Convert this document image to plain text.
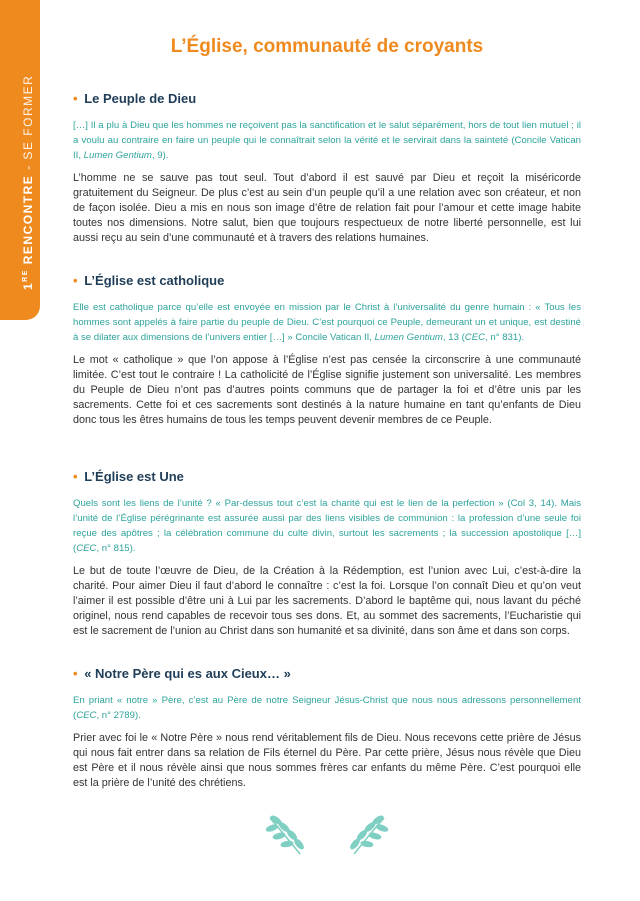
1RE RENCONTRE - SE FORMER
L’Église, communauté de croyants
• Le Peuple de Dieu

[…] Il a plu à Dieu que les hommes ne reçoivent pas la sanctification et le salut séparément, hors de tout lien mutuel ; il a voulu au contraire en faire un peuple qui le connaîtrait selon la vérité et le servirait dans la sainteté (Concile Vatican II, Lumen Gentium, 9).

L’homme ne se sauve pas tout seul. Tout d’abord il est sauvé par Dieu et reçoit la miséricorde gratuitement du Seigneur. De plus c’est au sein d’un peuple qu’il a une relation avec son créateur, et non de façon isolée. Dieu a mis en nous son image d’être de relation fait pour l’amour et cette image habite toutes nos dimensions. Notre salut, bien que toujours respectueux de notre liberté personnelle, est lui aussi reçu au sein d’une communauté et à travers des relations humaines.

• L’Église est catholique

Elle est catholique parce qu’elle est envoyée en mission par le Christ à l’universalité du genre humain : « Tous les hommes sont appelés à faire partie du peuple de Dieu. C’est pourquoi ce Peuple, demeurant un et unique, est destiné à se dilater aux dimensions de l’univers entier […] » Concile Vatican II, Lumen Gentium, 13 (CEC, n° 831).

Le mot « catholique » que l’on appose à l’Église n’est pas censée la circonscrire à une communauté limitée. C’est tout le contraire ! La catholicité de l’Église signifie justement son universalité. Les membres du Peuple de Dieu n’ont pas d’autres points communs que de partager la foi et d’être unis par les sacrements. Cette foi et ces sacrements sont destinés à la nature humaine en tant qu’enfants de Dieu donc tous les êtres humains de tous les temps peuvent devenir membres de ce Peuple.

• L’Église est Une

Quels sont les liens de l’unité ? « Par-dessus tout c’est la charité qui est le lien de la perfection » (Col 3, 14). Mais l’unité de l’Église pérégrinante est assurée aussi par des liens visibles de communion : la profession d’une seule foi reçue des apôtres ; la célébration commune du culte divin, surtout les sacrements ; la succession apostolique […] (CEC, n° 815).

Le but de toute l’œuvre de Dieu, de la Création à la Rédemption, est l’union avec Lui, c’est-à-dire la charité. Pour aimer Dieu il faut d’abord le connaître : c’est la foi. Lorsque l’on connaît Dieu et qu’on veut l’aimer il est possible d’être uni à Lui par les sacrements. D’abord le baptême qui, nous lavant du péché originel, nous rend capables de recevoir tous ses dons. Et, au sommet des sacrements, l’Eucharistie qui est le sacrement de l’union au Christ dans son humanité et sa divinité, dans son âme et dans son corps.

• « Notre Père qui es aux Cieux… »

En priant « notre » Père, c’est au Père de notre Seigneur Jésus-Christ que nous nous adressons personnellement (CEC, n° 2789).

Prier avec foi le « Notre Père » nous rend véritablement fils de Dieu. Nous recevons cette prière de Jésus qui nous fait entrer dans sa relation de Fils éternel du Père. Par cette prière, Jésus nous révèle que Dieu est Père et il nous révèle ainsi que nous sommes frères car enfants du même Père. C’est pourquoi elle est la prière de l’unité des chrétiens.
